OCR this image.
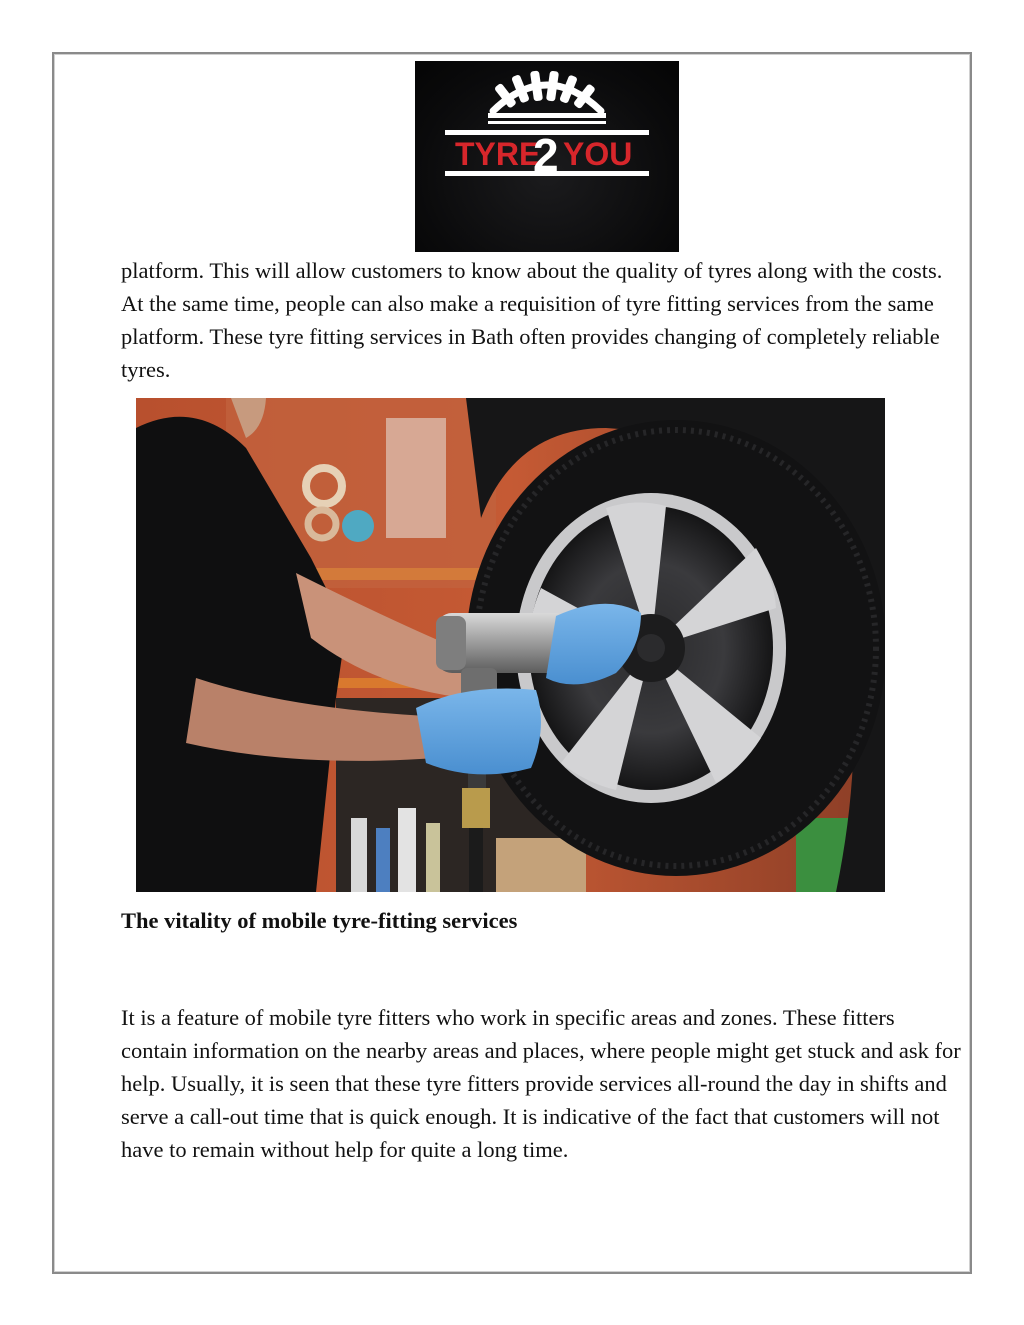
TYRE
2 YOU

platform. This will allow customers to know about the quality of tyres along with the costs. At the same time, people can also make a requisition of tyre fitting services from the same platform. These tyre fitting services in Bath often provides changing of completely reliable tyres.

The vitality of mobile tyre-fitting services

It is a feature of mobile tyre fitters who work in specific areas and zones. These fitters contain information on the nearby areas and places, where people might get stuck and ask for help. Usually, it is seen that these tyre fitters provide services all-round the day in shifts and serve a call-out time that is quick enough. It is indicative of the fact that customers will not have to remain without help for quite a long time.
